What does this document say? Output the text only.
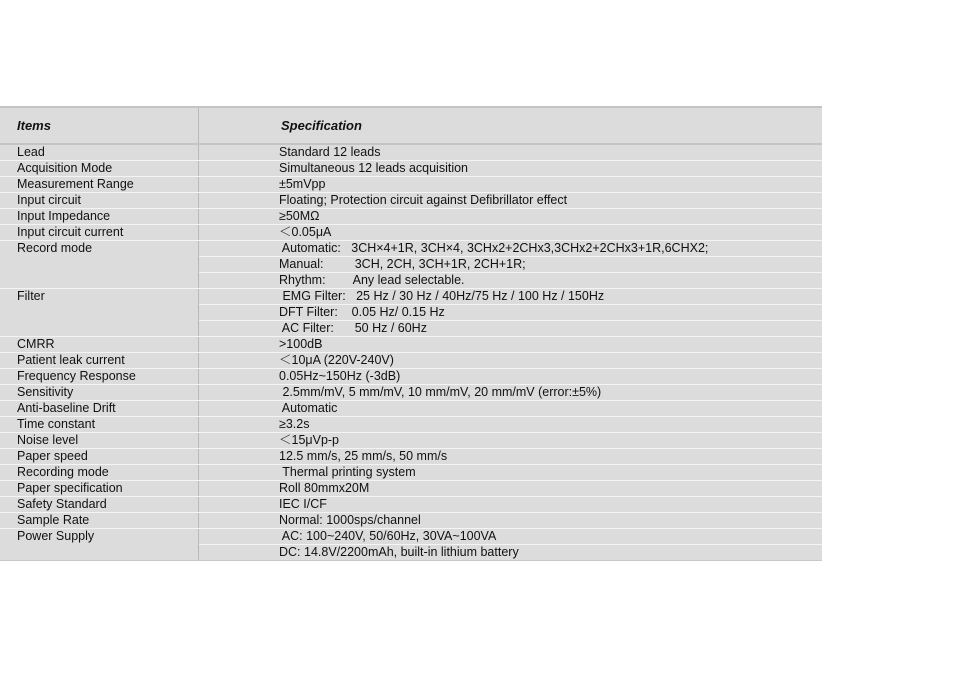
Items	Specification
Lead	Standard 12 leads
Acquisition Mode	Simultaneous 12 leads acquisition
Measurement Range	±5mVpp
Input circuit	Floating; Protection circuit against Defibrillator effect
Input Impedance	≥50MΩ
Input circuit current	＜0.05μA
Record mode	Automatic:   3CH×4+1R, 3CH×4, 3CHx2+2CHx3,3CHx2+2CHx3+1R,6CHX2;
Manual:         3CH, 2CH, 3CH+1R, 2CH+1R;
Rhythm:        Any lead selectable.
Filter	EMG Filter:   25 Hz / 30 Hz / 40Hz/75 Hz / 100 Hz / 150Hz
DFT Filter:    0.05 Hz/ 0.15 Hz
AC Filter:      50 Hz / 60Hz
CMRR	>100dB
Patient leak current	＜10μA (220V-240V)
Frequency Response	0.05Hz~150Hz (-3dB)
Sensitivity	2.5mm/mV, 5 mm/mV, 10 mm/mV, 20 mm/mV (error:±5%)
Anti-baseline Drift	Automatic
Time constant	≥3.2s
Noise level	＜15μVp-p
Paper speed	12.5 mm/s, 25 mm/s, 50 mm/s
Recording mode	Thermal printing system
Paper specification	Roll 80mmx20M
Safety Standard	IEC I/CF
Sample Rate	Normal: 1000sps/channel
Power Supply	AC: 100~240V, 50/60Hz, 30VA~100VA
DC: 14.8V/2200mAh, built-in lithium battery
